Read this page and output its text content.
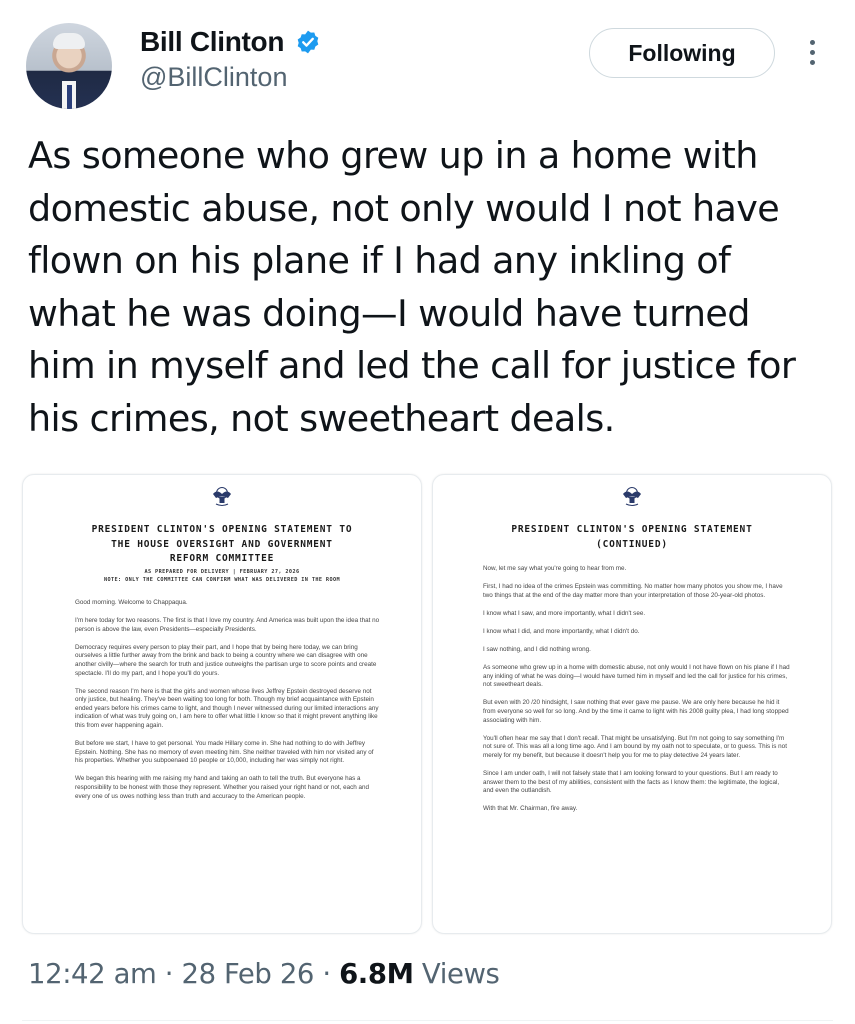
Bill Clinton
@BillClinton
Following
As someone who grew up in a home with
domestic abuse, not only would I not have
flown on his plane if I had any inkling of
what he was doing—I would have turned
him in myself and led the call for justice for
his crimes, not sweetheart deals.
PRESIDENT CLINTON'S OPENING STATEMENT TO
THE HOUSE OVERSIGHT AND GOVERNMENT
REFORM COMMITTEE
AS PREPARED FOR DELIVERY | FEBRUARY 27, 2026
NOTE: ONLY THE COMMITTEE CAN CONFIRM WHAT WAS DELIVERED IN THE ROOM

Good morning. Welcome to Chappaqua.

I'm here today for two reasons. The first is that I love my country. And America was built upon the idea that no person is above the law, even Presidents—especially Presidents.

Democracy requires every person to play their part, and I hope that by being here today, we can bring ourselves a little further away from the brink and back to being a country where we can disagree with one another civilly—where the search for truth and justice outweighs the partisan urge to score points and create spectacle. I'll do my part, and I hope you'll do yours.

The second reason I'm here is that the girls and women whose lives Jeffrey Epstein destroyed deserve not only justice, but healing. They've been waiting too long for both. Though my brief acquaintance with Epstein ended years before his crimes came to light, and though I never witnessed during our limited interactions any indication of what was truly going on, I am here to offer what little I know so that it might prevent anything like this from ever happening again.

But before we start, I have to get personal. You made Hillary come in. She had nothing to do with Jeffrey Epstein. Nothing. She has no memory of even meeting him. She neither traveled with him nor visited any of his properties. Whether you subpoenaed 10 people or 10,000, including her was simply not right.

We began this hearing with me raising my hand and taking an oath to tell the truth. But everyone has a responsibility to be honest with those they represent. Whether you raised your right hand or not, each and every one of us owes nothing less than truth and accuracy to the American people.

PRESIDENT CLINTON'S OPENING STATEMENT
(CONTINUED)

Now, let me say what you're going to hear from me.

First, I had no idea of the crimes Epstein was committing. No matter how many photos you show me, I have two things that at the end of the day matter more than your interpretation of those 20-year-old photos.

I know what I saw, and more importantly, what I didn't see.

I know what I did, and more importantly, what I didn't do.

I saw nothing, and I did nothing wrong.

As someone who grew up in a home with domestic abuse, not only would I not have flown on his plane if I had any inkling of what he was doing—I would have turned him in myself and led the call for justice for his crimes, not sweetheart deals.

But even with 20 /20 hindsight, I saw nothing that ever gave me pause. We are only here because he hid it from everyone so well for so long. And by the time it came to light with his 2008 guilty plea, I had long stopped associating with him.

You'll often hear me say that I don't recall. That might be unsatisfying. But I'm not going to say something I'm not sure of. This was all a long time ago. And I am bound by my oath not to speculate, or to guess. This is not merely for my benefit, but because it doesn't help you for me to play detective 24 years later.

Since I am under oath, I will not falsely state that I am looking forward to your questions. But I am ready to answer them to the best of my abilities, consistent with the facts as I know them: the legitimate, the logical, and even the outlandish.

With that Mr. Chairman, fire away.

12:42 am · 28 Feb 26 · 6.8M Views
